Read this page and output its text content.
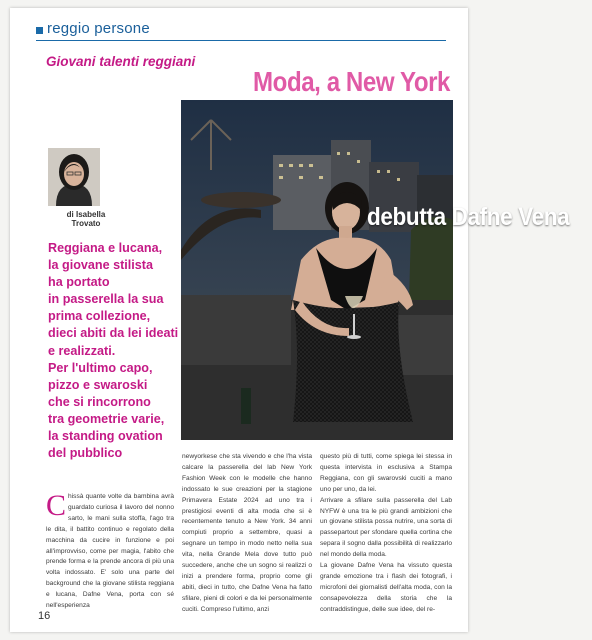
reggio persone
Giovani talenti reggiani
Moda, a New York
debutta Dafne Vena
di Isabella
Trovato
Reggiana e lucana,
la giovane stilista
ha portato
in passerella la sua
prima collezione,
dieci abiti da lei ideati
e realizzati.
Per l'ultimo capo,
pizzo e swaroski
che si rincorrono
tra geometrie varie,
la standing ovation
del pubblico
C hissà quante volte da bambina avrà guardato curiosa il lavoro del nonno sarto, le mani sulla stoffa, l'ago tra le dita, il battito continuo e regolato della macchina da cucire in funzione e poi all'improvviso, come per magia, l'abito che prende forma e la prende ancora di più una volta indossato. E' solo una parte del background che la giovane stilista reggiana e lucana, Dafne Vena, porta con sé nell'esperienza

newyorkese che sta vivendo e che l'ha vista calcare la passerella del lab New York Fashion Week con le modelle che hanno indossato le sue creazioni per la stagione Primavera Estate 2024 ad uno tra i prestigiosi eventi di alta moda che si è recentemente tenuto a New York. 34 anni compiuti proprio a settembre, quasi a segnare un tempo in modo netto nella sua vita, nella Grande Mela dove tutto può succedere, anche che un sogno si realizzi o inizi a prendere forma, proprio come gli abiti, dieci in tutto, che Dafne Vena ha fatto sfilare, pieni di colori e da lei personalmente cuciti. Compreso l'ultimo, anzi

questo più di tutti, come spiega lei stessa in questa intervista in esclusiva a Stampa Reggiana, con gli swarovski cuciti a mano uno per uno, da lei.

Arrivare a sfilare sulla passerella del Lab NYFW è una tra le più grandi ambizioni che un giovane stilista possa nutrire, una sorta di passepartout per sfondare quella cortina che separa il sogno dalla possibilità di realizzarlo nel mondo della moda.

La giovane Dafne Vena ha vissuto questa grande emozione tra i flash dei fotografi, i microfoni dei giornalisti dell'alta moda, con la consapevolezza della storia che la contraddistingue, delle sue idee, del re-

16
